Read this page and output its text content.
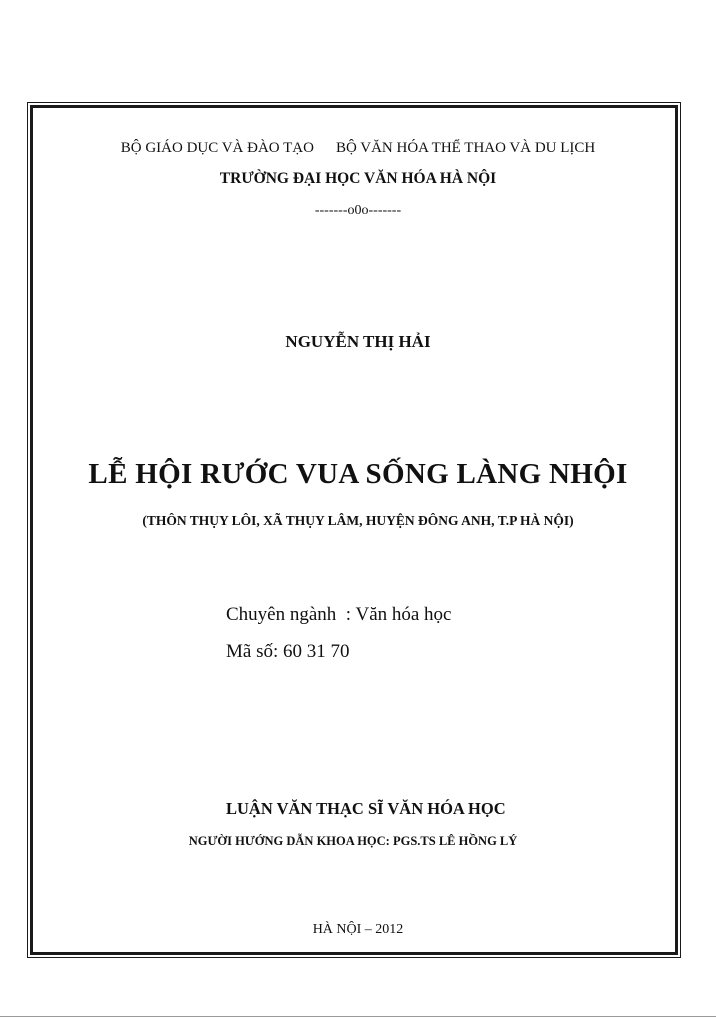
BỘ GIÁO DỤC VÀ ĐÀO TẠO BỘ VĂN HÓA THỂ THAO VÀ DU LỊCH
TRƯỜNG ĐẠI HỌC VĂN HÓA HÀ NỘI
-------o0o-------
NGUYỄN THỊ HẢI
LỄ HỘI RƯỚC VUA SỐNG LÀNG NHỘI
(THÔN THỤY LÔI, XÃ THỤY LÂM, HUYỆN ĐÔNG ANH, T.P HÀ NỘI)
Chuyên ngành  : Văn hóa học
Mã số: 60 31 70
LUẬN VĂN THẠC SĨ VĂN HÓA HỌC
NGƯỜI HƯỚNG DẪN KHOA HỌC: PGS.TS LÊ HỒNG LÝ
HÀ NỘI – 2012
